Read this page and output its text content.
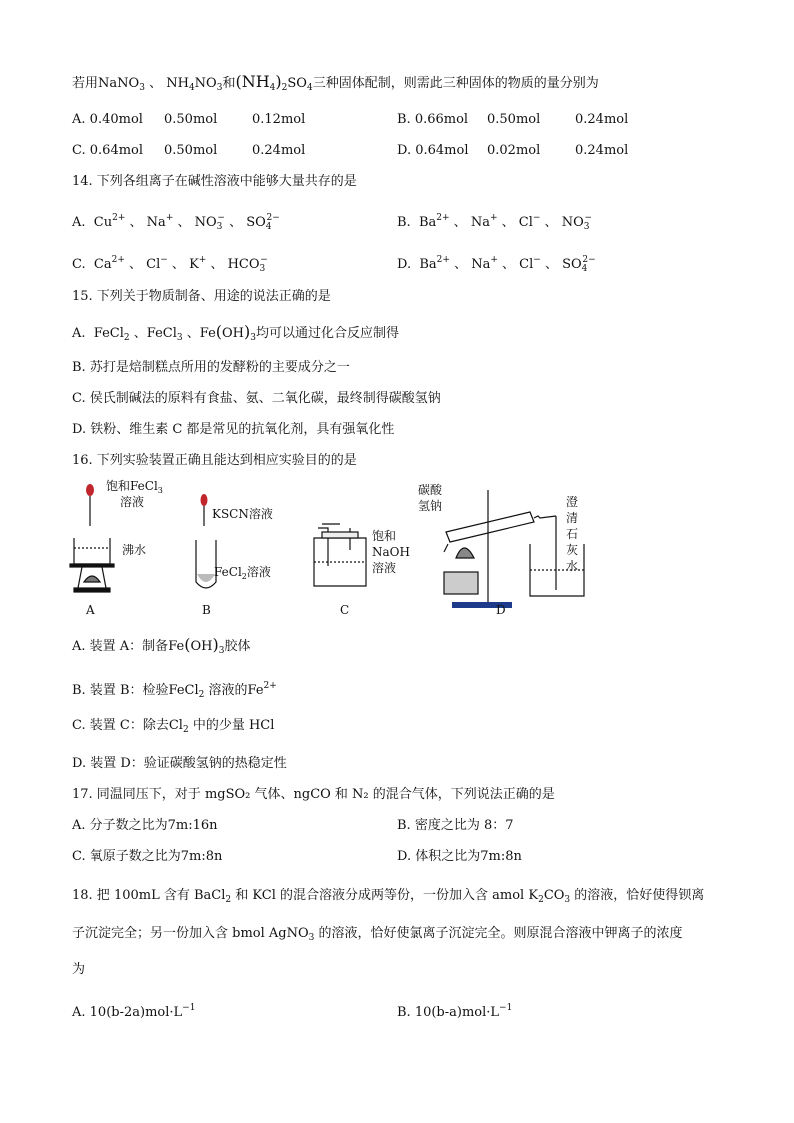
若用NaNO$_3$ 、 $NH_4NO_3$和$(NH_4)_2SO_4$三种固体配制，则需此三种固体的物质的量分别为
A. 0.40mol 0.50mol	0.12mol	B. 0.66mol 0.50mol	0.24mol
C. 0.64mol 0.50mol	0.24mol	D. 0.64mol 0.02mol	0.24mol
14. 下列各组离子在碱性溶液中能够大量共存的是
A. $Cu^{2+}$ 、 Na+ 、 $NO_3^-$ 、 $SO_4^{2-}$	B. $Ba^{2+}$ 、 Na+ 、 Cl− 、 $NO_3^-$
C. $Ca^{2+}$ 、 Cl− 、 K+ 、 $HCO_3^-$	D. $Ba^{2+}$ 、 Na+ 、 Cl− 、 $SO_4^{2-}$
15. 下列关于物质制备、用途的说法正确的是
A.  FeCl$_2$ 、FeCl$_3$ 、$Fe(OH)_3$均可以通过化合反应制得
B. 苏打是焙制糕点所用的发酵粉的主要成分之一
C. 侯氏制碱法的原料有食盐、氨、二氧化碳，最终制得碳酸氢钠
D. 铁粉、维生素 C 都是常见的抗氧化剂，具有强氧化性
16. 下列实验装置正确且能达到相应实验目的的是
饱和FeCl$_3$
溶液
沸水
KSCN溶液
FeCl$_2$溶液
饱和
NaOH
溶液
碳酸
氢钠	澄
清
石
灰
水
A	B	C	D
A. 装置 A：制备$Fe(OH)_3$胶体
B. 装置 B：检验FeCl$_2$ 溶液的$Fe^{2+}$
C. 装置 C：除去$Cl_2$ 中的少量 HCl
D. 装置 D：验证碳酸氢钠的热稳定性
17. 同温同压下，对于 mgSO₂ 气体、ngCO 和 N₂ 的混合气体，下列说法正确的是
A. 分子数之比为7m:16n	B. 密度之比为 8：7
C. 氧原子数之比为7m:8n	D. 体积之比为7m:8n
18. 把 100mL 含有 BaCl$_2$ 和 KCl 的混合溶液分成两等份，一份加入含 amol $K_2CO_3$ 的溶液，恰好使得钡离
子沉淀完全；另一份加入含 bmol AgNO$_3$ 的溶液，恰好使氯离子沉淀完全。则原混合溶液中钾离子的浓度
为
A. $10(b-2a)mol\cdot L^{-1}$	B. $10(b-a)mol\cdot L^{-1}$
